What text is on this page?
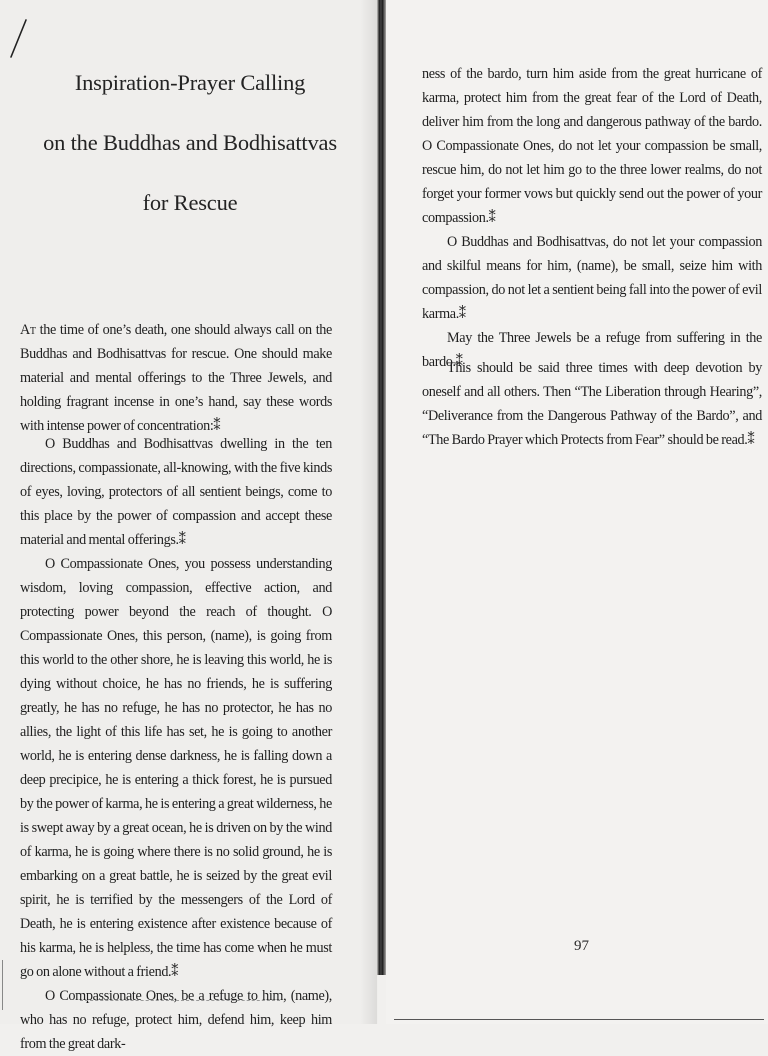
Inspiration-Prayer Calling
on the Buddhas and Bodhisattvas
for Rescue

At the time of one’s death, one should always call on the Buddhas and Bodhisattvas for rescue. One should make material and mental offerings to the Three Jewels, and holding fragrant incense in one’s hand, say these words with intense power of concentration:⁑

O Buddhas and Bodhisattvas dwelling in the ten directions, compassionate, all-knowing, with the five kinds of eyes, loving, protectors of all sentient beings, come to this place by the power of compassion and accept these material and mental offerings.⁑

O Compassionate Ones, you possess understanding wisdom, loving compassion, effective action, and protecting power beyond the reach of thought. O Compassionate Ones, this person, (name), is going from this world to the other shore, he is leaving this world, he is dying without choice, he has no friends, he is suffering greatly, he has no refuge, he has no protector, he has no allies, the light of this life has set, he is going to another world, he is entering dense darkness, he is falling down a deep precipice, he is entering a thick forest, he is pursued by the power of karma, he is entering a great wilderness, he is swept away by a great ocean, he is driven on by the wind of karma, he is going where there is no solid ground, he is embarking on a great battle, he is seized by the great evil spirit, he is terrified by the messengers of the Lord of Death, he is entering existence after existence because of his karma, he is helpless, the time has come when he must go on alone without a friend.⁑

O Compassionate Ones, be a refuge to him, (name), who has no refuge, protect him, defend him, keep him from the great dark-

ness of the bardo, turn him aside from the great hurricane of karma, protect him from the great fear of the Lord of Death, deliver him from the long and dangerous pathway of the bardo. O Compassionate Ones, do not let your compassion be small, rescue him, do not let him go to the three lower realms, do not forget your former vows but quickly send out the power of your compassion.⁑

O Buddhas and Bodhisattvas, do not let your compassion and skilful means for him, (name), be small, seize him with compassion, do not let a sentient being fall into the power of evil karma.⁑

May the Three Jewels be a refuge from suffering in the bardo.⁑

This should be said three times with deep devotion by oneself and all others. Then “The Liberation through Hearing”, “Deliverance from the Dangerous Pathway of the Bardo”, and “The Bardo Prayer which Protects from Fear” should be read.⁑

97
